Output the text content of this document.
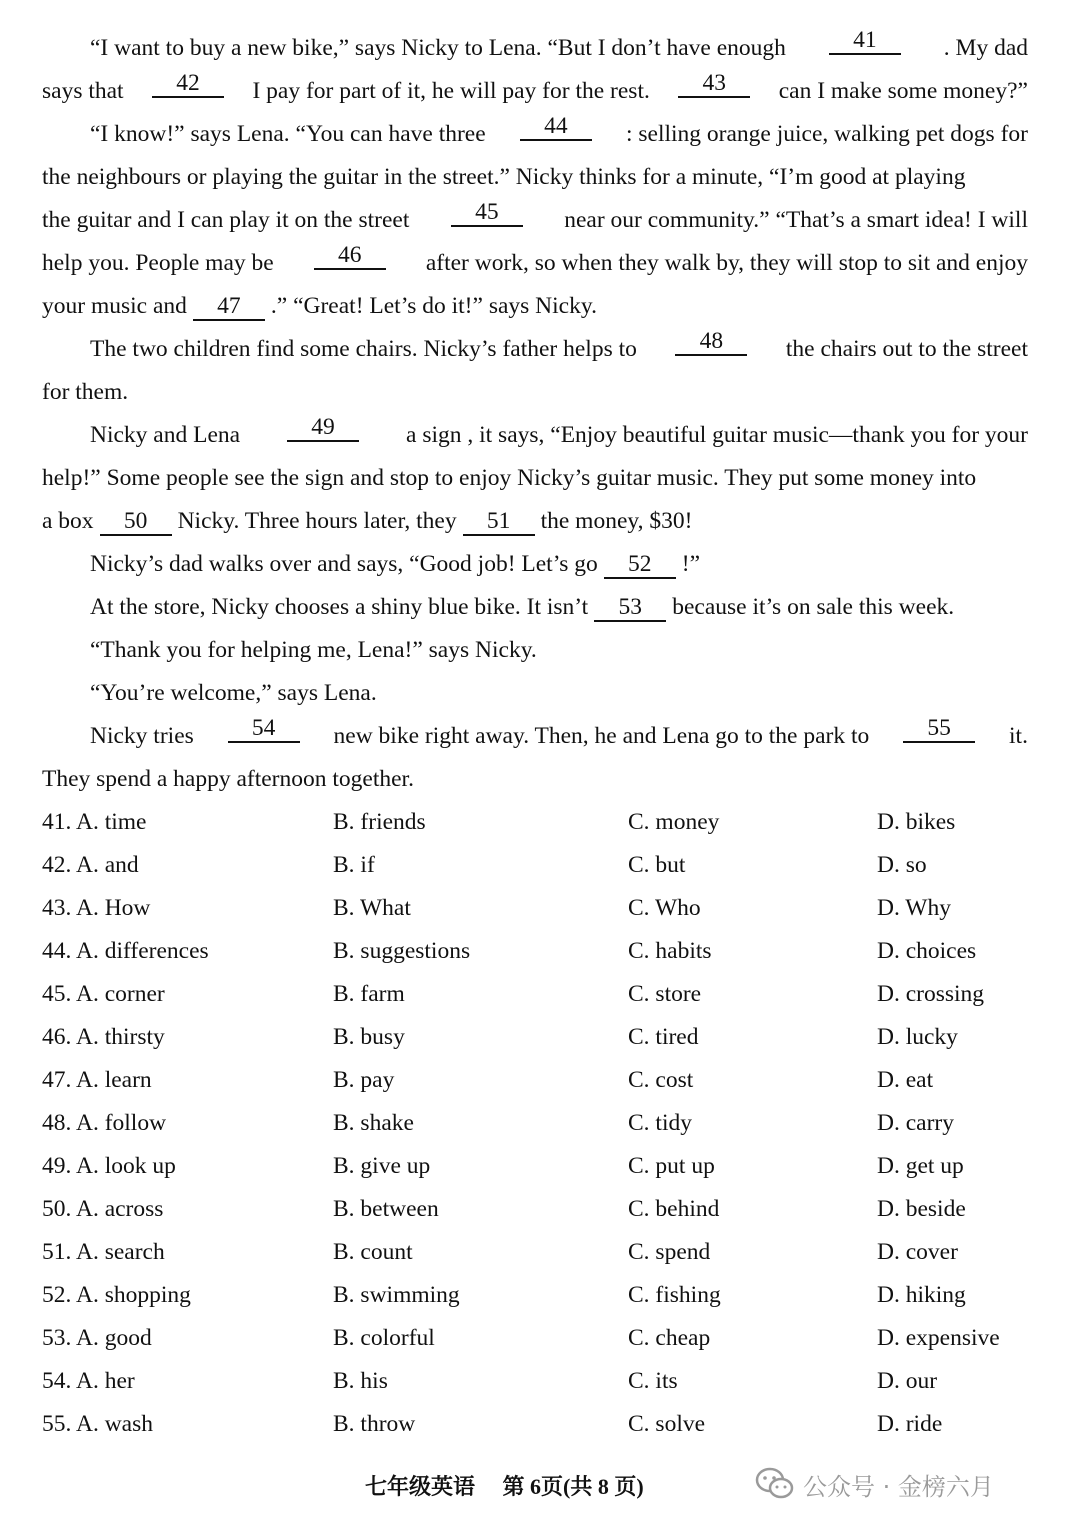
“I want to buy a new bike,” says Nicky to Lena. “But I don’t have enough	41	. My dad
says that	42	I pay for part of it, he will pay for the rest.	43	can I make some money?”
“I know!” says Lena. “You can have three	44	: selling orange juice, walking pet dogs for
the neighbours or playing the guitar in the street.” Nicky thinks for a minute, “I’m good at playing
the guitar and I can play it on the street	45	near our community.” “That’s a smart idea! I will
help you. People may be	46	after work, so when they walk by, they will stop to sit and enjoy
your music and 47 .” “Great! Let’s do it!” says Nicky.
The two children find some chairs. Nicky’s father helps to	48	the chairs out to the street
for them.
Nicky and Lena	49	a sign , it says, “Enjoy beautiful guitar music—thank you for your
help!” Some people see the sign and stop to enjoy Nicky’s guitar music. They put some money into
a box 50 Nicky. Three hours later, they 51 the money, $30!
Nicky’s dad walks over and says, “Good job! Let’s go 52 !”
At the store, Nicky chooses a shiny blue bike. It isn’t 53 because it’s on sale this week.
“Thank you for helping me, Lena!” says Nicky.
“You’re welcome,” says Lena.
Nicky tries	54	new bike right away. Then, he and Lena go to the park to	55	it.
They spend a happy afternoon together.
41. A. time	B. friends	C. money	D. bikes
42. A. and	B. if	C. but	D. so
43. A. How	B. What	C. Who	D. Why
44. A. differences	B. suggestions	C. habits	D. choices
45. A. corner	B. farm	C. store	D. crossing
46. A. thirsty	B. busy	C. tired	D. lucky
47. A. learn	B. pay	C. cost	D. eat
48. A. follow	B. shake	C. tidy	D. carry
49. A. look up	B. give up	C. put up	D. get up
50. A. across	B. between	C. behind	D. beside
51. A. search	B. count	C. spend	D. cover
52. A. shopping	B. swimming	C. fishing	D. hiking
53. A. good	B. colorful	C. cheap	D. expensive
54. A. her	B. his	C. its	D. our
55. A. wash	B. throw	C. solve	D. ride
七年级英语 第 6页(共 8 页)	公众号 · 金榜六月
